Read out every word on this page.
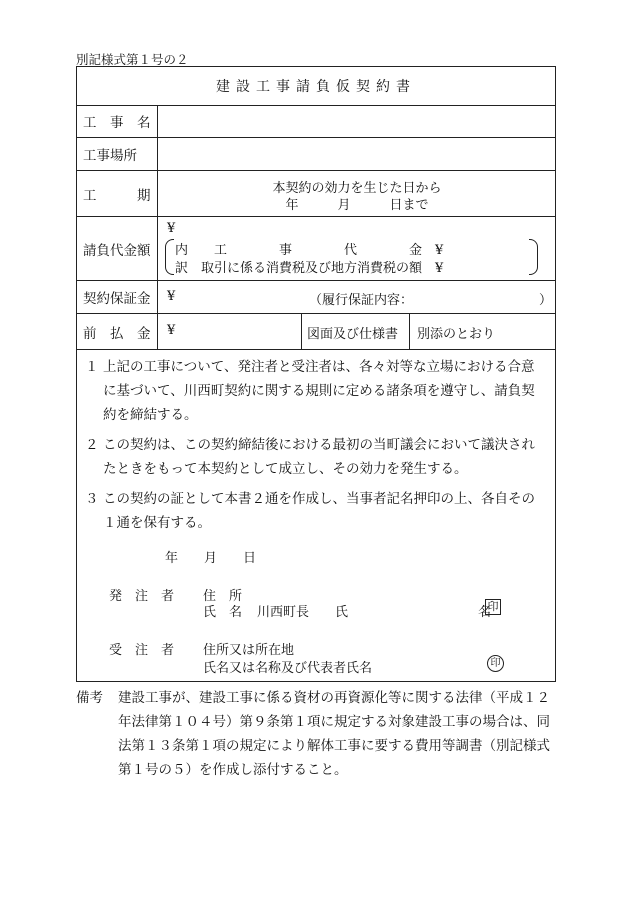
別記様式第１号の２
建設工事請負仮契約書
工　事　名
工事場所
工　　　期	本契約の効力を生じた日から
年　　　月　　　日まで
請負代金額
¥
内　　工　　　　事　　　　代　　　　金　¥
訳　取引に係る消費税及び地方消費税の額　¥
契約保証金 ¥	（履行保証内容：	）
前　払　金 ¥	図面及び仕様書 別添のとおり
１ 上記の工事について、発注者と受注者は、各々対等な立場における合意に基づいて、川西町契約に関する規則に定める諸条項を遵守し、請負契約を締結する。
２ この契約は、この契約締結後における最初の当町議会において議決されたときをもって本契約として成立し、その効力を発生する。
３ この契約の証として本書２通を作成し、当事者記名押印の上、各自その１通を保有する。
年　　月　　日
発　注　者 住　所
氏　名 川西町長　　氏　　　　　　　　　　名
印
受　注　者 住所又は所在地
氏名又は名称及び代表者氏名	印
備考 建設工事が、建設工事に係る資材の再資源化等に関する法律（平成１２年法律第１０４号）第９条第１項に規定する対象建設工事の場合は、同法第１３条第１項の規定により解体工事に要する費用等調書（別記様式第１号の５）を作成し添付すること。
